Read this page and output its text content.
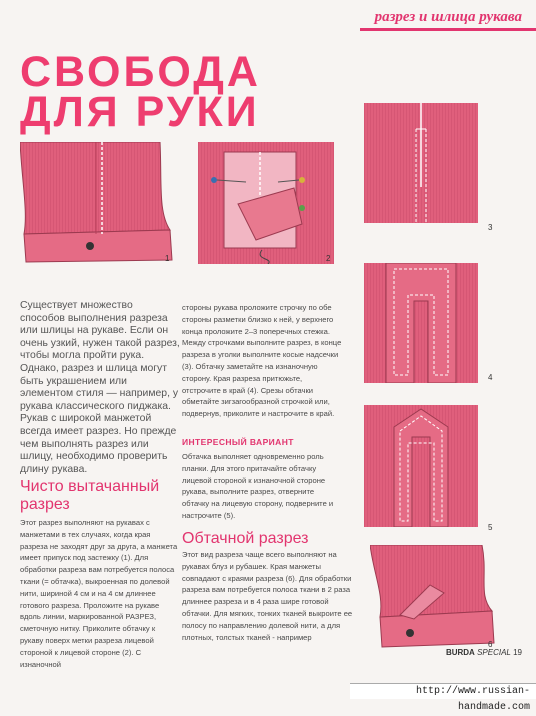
разрез и шлица рукава
СВОБОДА
ДЛЯ РУКИ
1	2
3
4
5
6
Существует множество способов выполнения разреза или шлицы на рукаве. Если он очень узкий, нужен такой разрез, чтобы могла пройти рука. Однако, разрез и шлица могут быть украшением или элементом стиля — например, у рукава классического пиджака. Рукав с широкой манжетой всегда имеет разрез. Но прежде чем выполнять разрез или шлицу, необходимо проверить длину рукава.
Чисто вытачанный разрез
Этот разрез выполняют на рукавах с манжетами в тех случаях, когда края разреза не заходят друг за друга, а манжета имеет припуск под застежку (1). Для обработки разреза вам потребуется полоса ткани (= обтачка), выкроенная по долевой нити, шириной 4 см и на 4 см длиннее готового разреза. Проложите на рукаве вдоль линии, маркированной РАЗРЕЗ, сметочную нитку. Приколите обтачку к рукаву поверх метки разреза лицевой стороной к лицевой стороне (2). С изнаночной
стороны рукава проложите строчку по обе стороны разметки близко к ней, у верхнего конца проложите 2–3 поперечных стежка. Между строчками выполните разрез, в конце разреза в уголки выполните косые надсечки (3). Обтачку заметайте на изнаночную сторону. Края разреза притюжьте, отстрочите в край (4). Срезы обтачки обметайте зигзагообразной строчкой или, подвернув, приколите и настрочите в край.
ИНТЕРЕСНЫЙ ВАРИАНТ
Обтачка выполняет одновременно роль планки. Для этого притачайте обтачку лицевой стороной к изнаночной стороне рукава, выполните разрез, отверните обтачку на лицевую сторону, подверните и настрочите (5).
Обтачной разрез
Этот вид разреза чаще всего выполняют на рукавах блуз и рубашек. Края манжеты совпадают с краями разреза (6). Для обработки разреза вам потребуется полоса ткани в 2 раза длиннее разреза и в 4 раза шире готовой обтачки. Для мягких, тонких тканей выкроите ее полосу по направлению долевой нити, а для плотных, толстых тканей - например
BURDA SPECIAL 19
http://www.russian-handmade.com
